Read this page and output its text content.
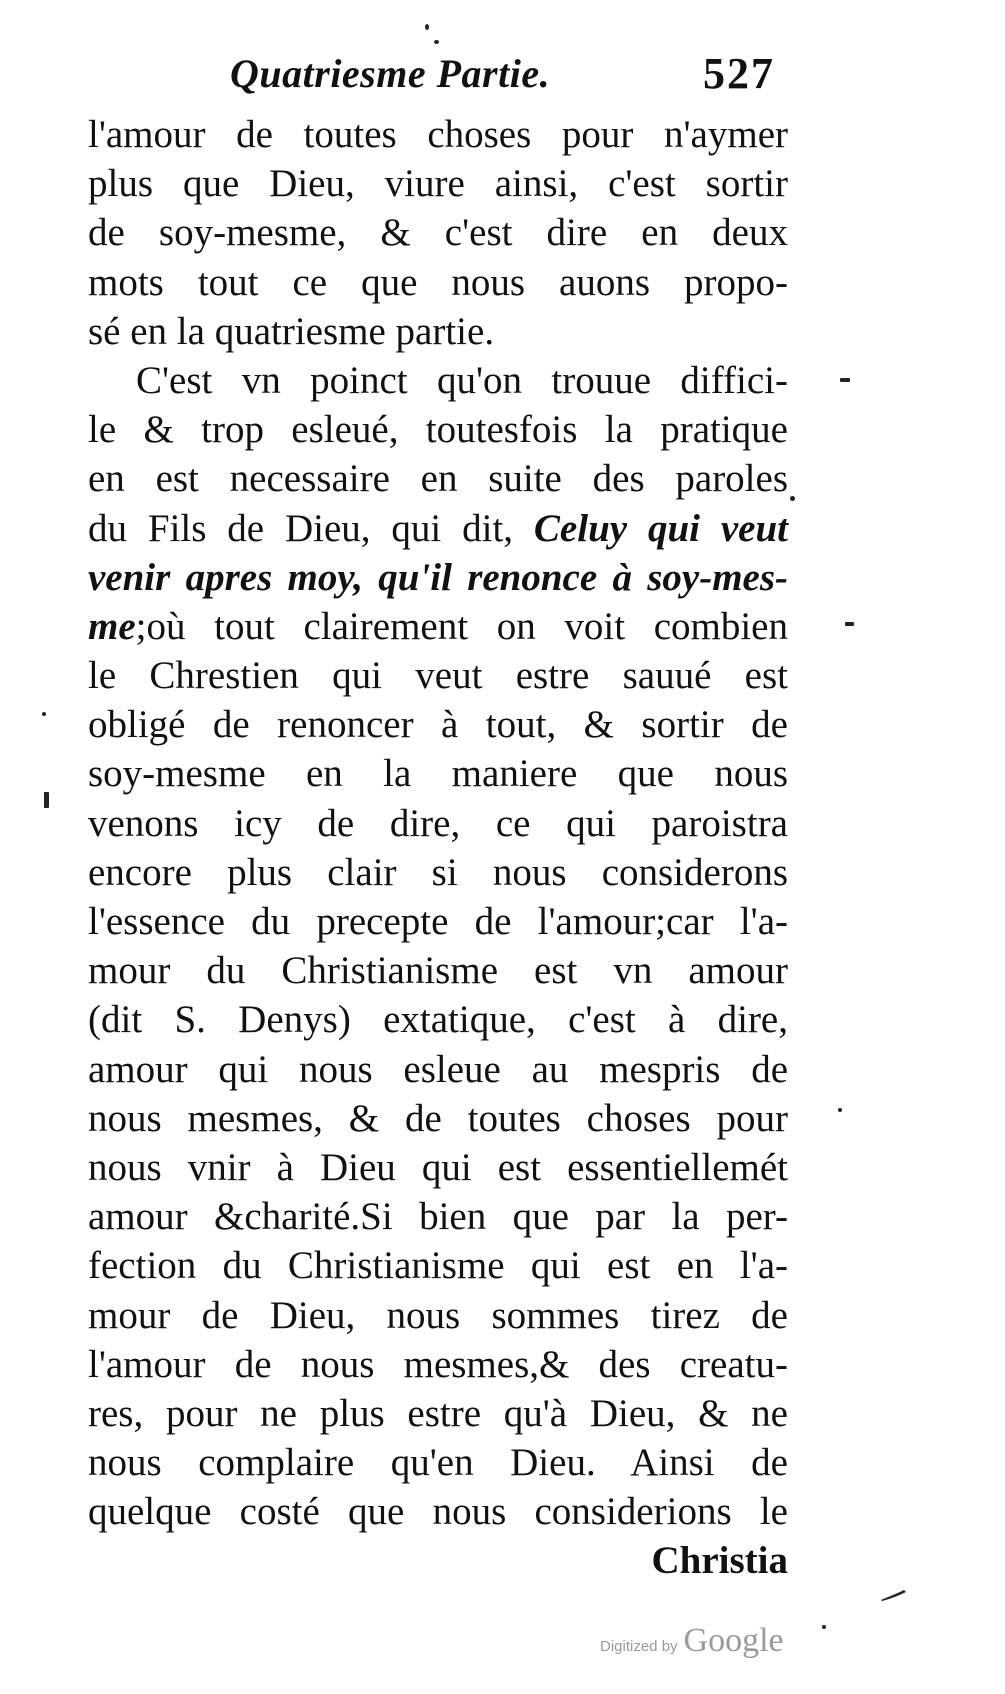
Quatriesme Partie.	527
l'amour de toutes choses pour n'aymer
plus que Dieu, viure ainsi, c'est sortir
de soy-mesme, & c'est dire en deux
mots tout ce que nous auons propo-
sé en la quatriesme partie.
C'est vn poinct qu'on trouue diffici-
le & trop esleué, toutesfois la pratique
en est necessaire en suite des paroles
du Fils de Dieu, qui dit, Celuy qui veut
venir apres moy, qu'il renonce à soy-mes-
me;où tout clairement on voit combien
le Chrestien qui veut estre sauué est
obligé de renoncer à tout, & sortir de
soy-mesme en la maniere que nous
venons icy de dire, ce qui paroistra
encore plus clair si nous considerons
l'essence du precepte de l'amour;car l'a-
mour du Christianisme est vn amour
(dit S. Denys) extatique, c'est à dire,
amour qui nous esleue au mespris de
nous mesmes, & de toutes choses pour
nous vnir à Dieu qui est essentiellemét
amour &charité.Si bien que par la per-
fection du Christianisme qui est en l'a-
mour de Dieu, nous sommes tirez de
l'amour de nous mesmes,& des creatu-
res, pour ne plus estre qu'à Dieu, & ne
nous complaire qu'en Dieu. Ainsi de
quelque costé que nous considerions le
Christia
Digitized by Google
